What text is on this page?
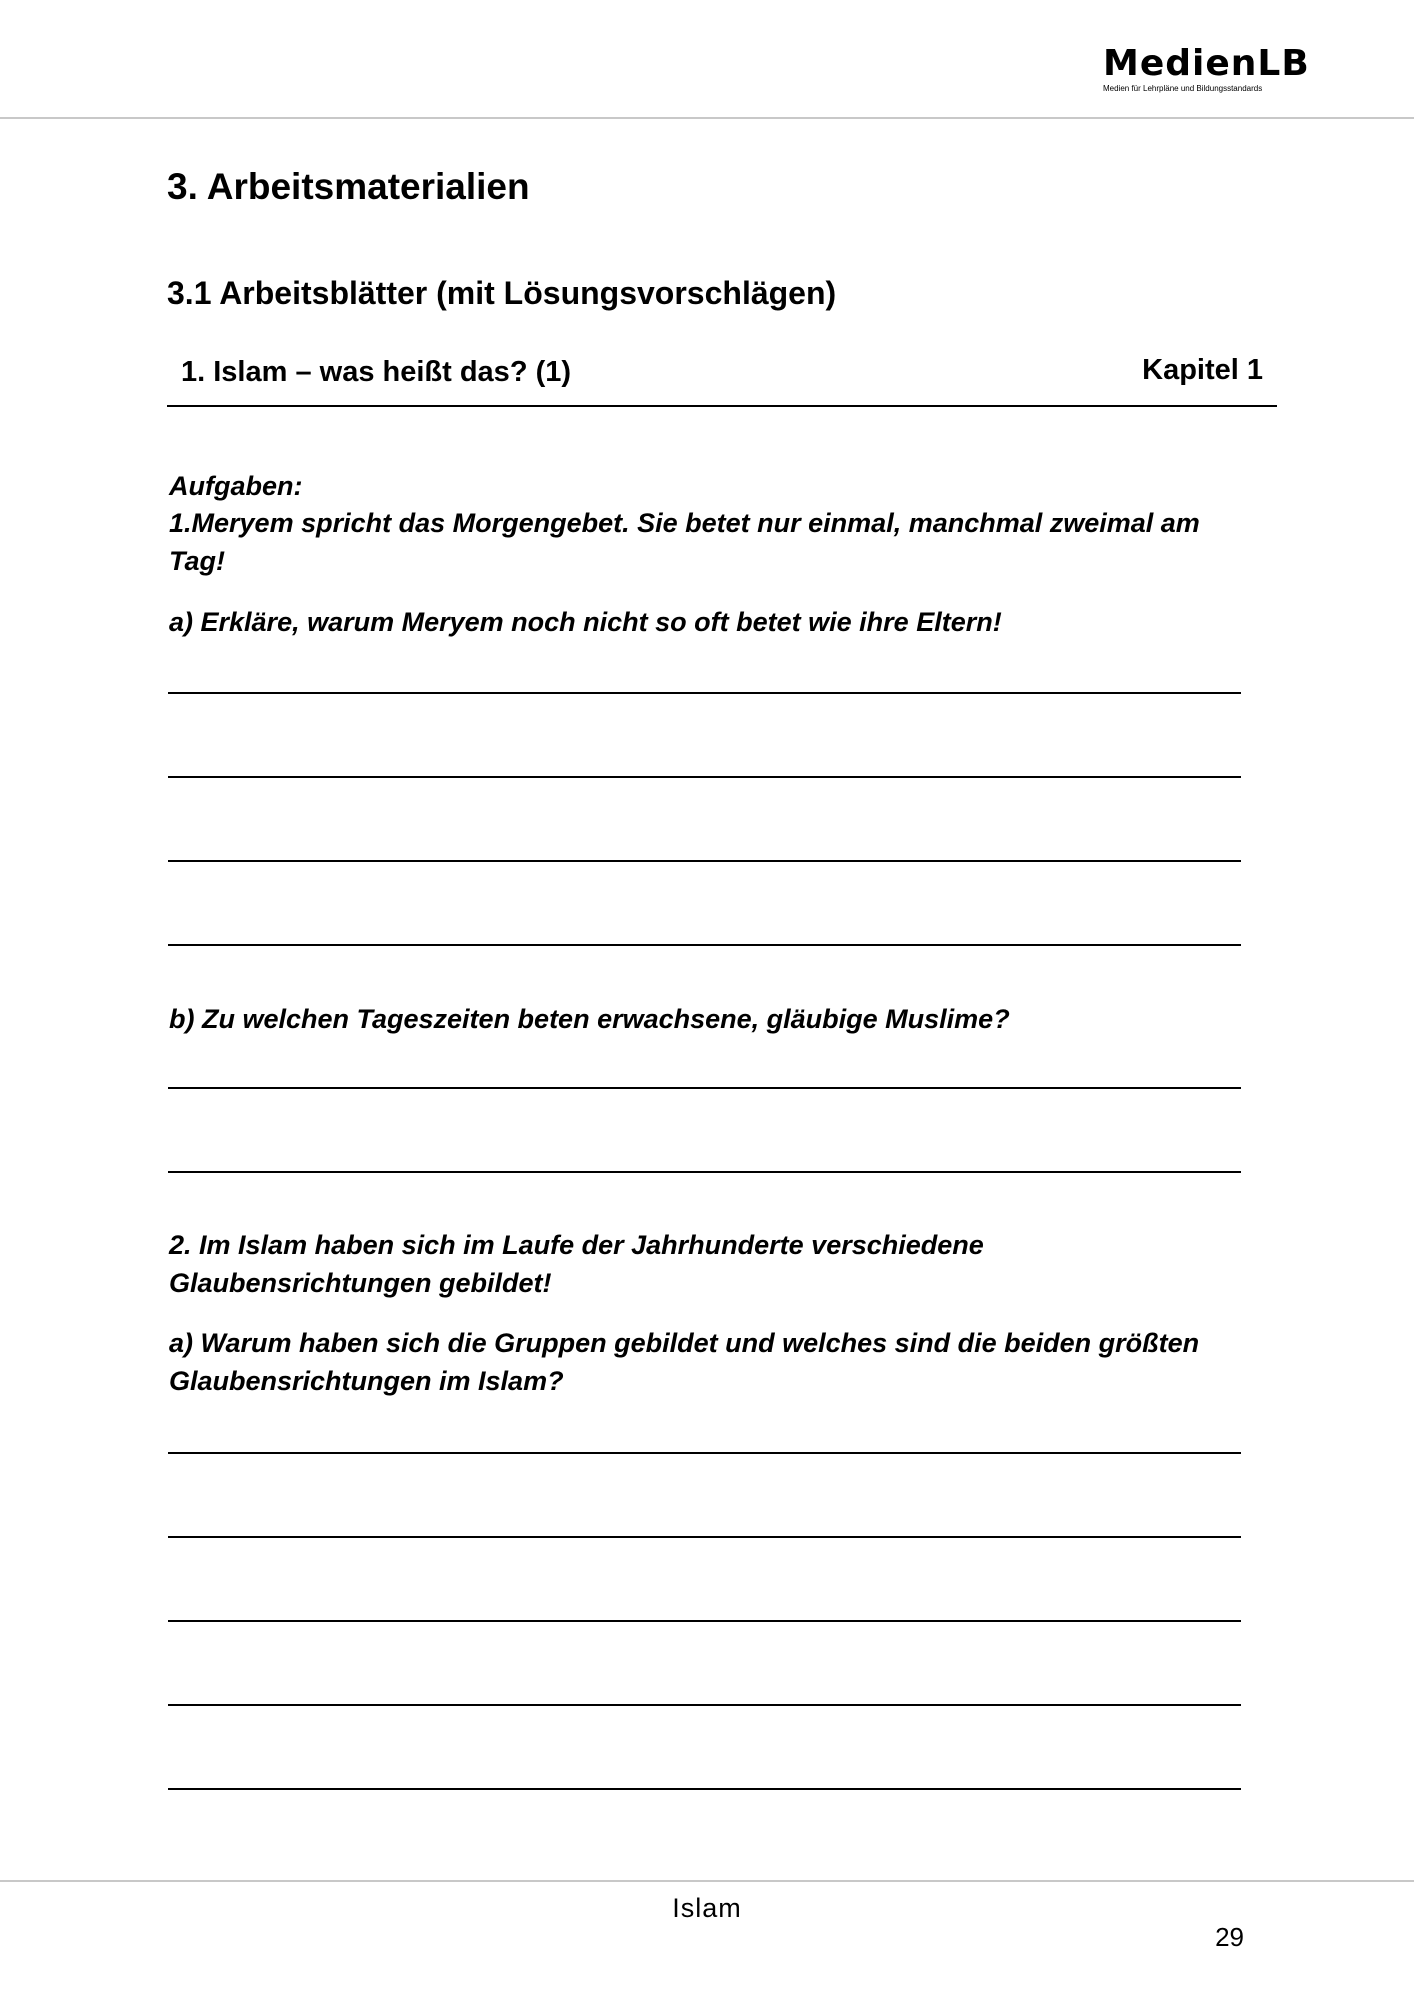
MedienLB
Medien für Lehrpläne und Bildungsstandards
3. Arbeitsmaterialien
3.1 Arbeitsblätter (mit Lösungsvorschlägen)
1. Islam – was heißt das? (1)	Kapitel 1
Aufgaben:
1.Meryem spricht das Morgengebet. Sie betet nur einmal, manchmal zweimal am Tag!
a) Erkläre, warum Meryem noch nicht so oft betet wie ihre Eltern!
b) Zu welchen Tageszeiten beten erwachsene, gläubige Muslime?
2. Im Islam haben sich im Laufe der Jahrhunderte verschiedene Glaubensrichtungen gebildet!
a) Warum haben sich die Gruppen gebildet und welches sind die beiden größten Glaubensrichtungen im Islam?
Islam
29
